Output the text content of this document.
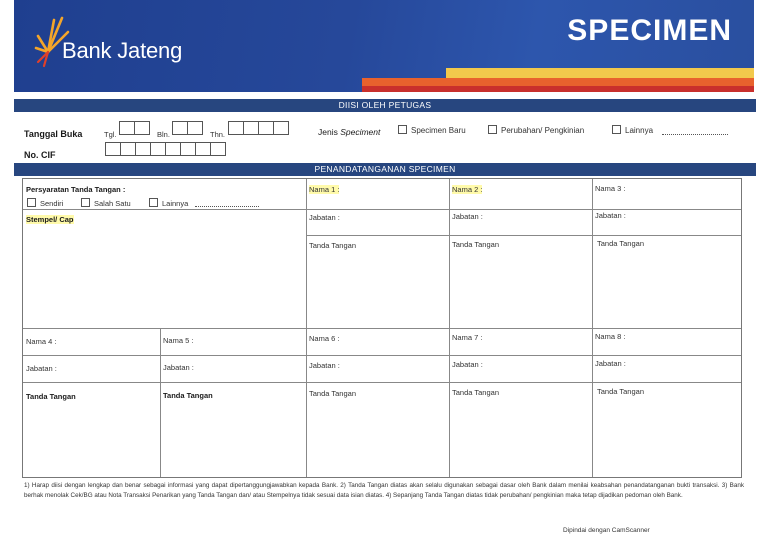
Bank Jateng
SPECIMEN
DIISI OLEH PETUGAS
Tanggal Buka	Tgl.	Bln.	Thn.
No. CIF
Jenis Speciment	Specimen Baru	Perubahan/ Pengkinian	Lainnya
PENANDATANGANAN SPECIMEN
Persyaratan Tanda Tangan :
Sendiri	Salah Satu	Lainnya
Stempel/ Cap
Nama 1 :	Nama 2 :	Nama 3 :
Jabatan :	Jabatan :	Jabatan :
Tanda Tangan	Tanda Tangan	Tanda Tangan
Nama 4 :	Nama 5 :	Nama 6 :	Nama 7 :	Nama 8 :
Jabatan :	Jabatan :	Jabatan :	Jabatan :	Jabatan :
Tanda Tangan	Tanda Tangan	Tanda Tangan	Tanda Tangan	Tanda Tangan
1) Harap diisi dengan lengkap dan benar sebagai informasi yang dapat dipertanggungjawabkan kepada Bank. 2) Tanda Tangan diatas akan selalu digunakan sebagai dasar oleh Bank dalam menilai keabsahan penandatanganan bukti transaksi. 3) Bank berhak menolak Cek/BG atau Nota Transaksi Penarikan yang Tanda Tangan dan/ atau Stempelnya tidak sesuai data isian diatas. 4) Sepanjang Tanda Tangan diatas tidak perubahan/ pengkinian maka tetap dijadikan pedoman oleh Bank.
Dipindai dengan CamScanner
